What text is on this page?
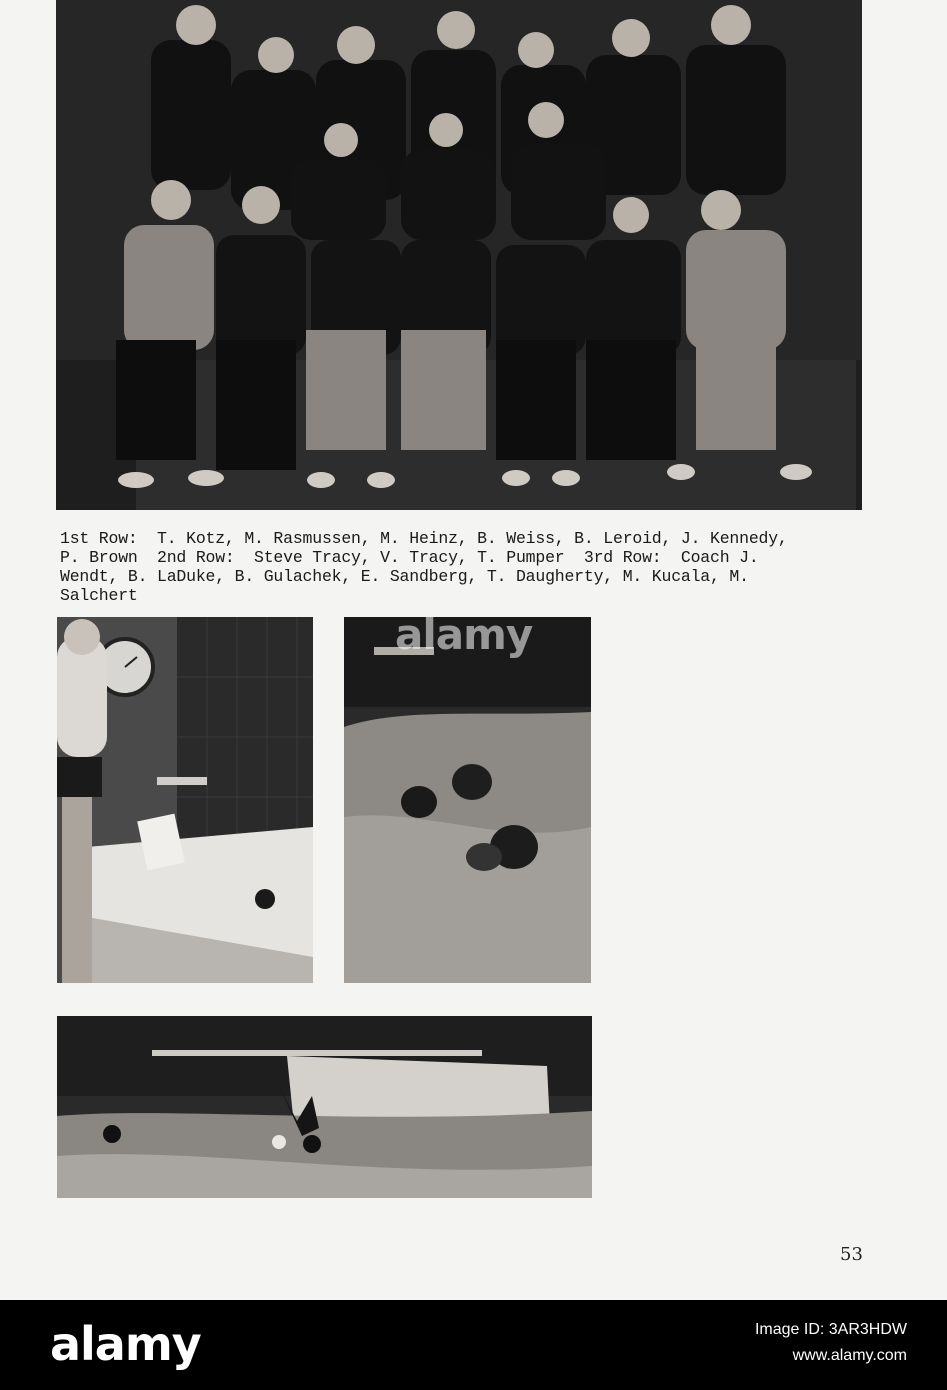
1st Row:  T. Kotz, M. Rasmussen, M. Heinz, B. Weiss, B. Leroid, J. Kennedy,
P. Brown  2nd Row:  Steve Tracy, V. Tracy, T. Pumper  3rd Row:  Coach J.
Wendt, B. LaDuke, B. Gulachek, E. Sandberg, T. Daugherty, M. Kucala, M.
Salchert
53
alamy
alamy	Image ID: 3AR3HDW
www.alamy.com
